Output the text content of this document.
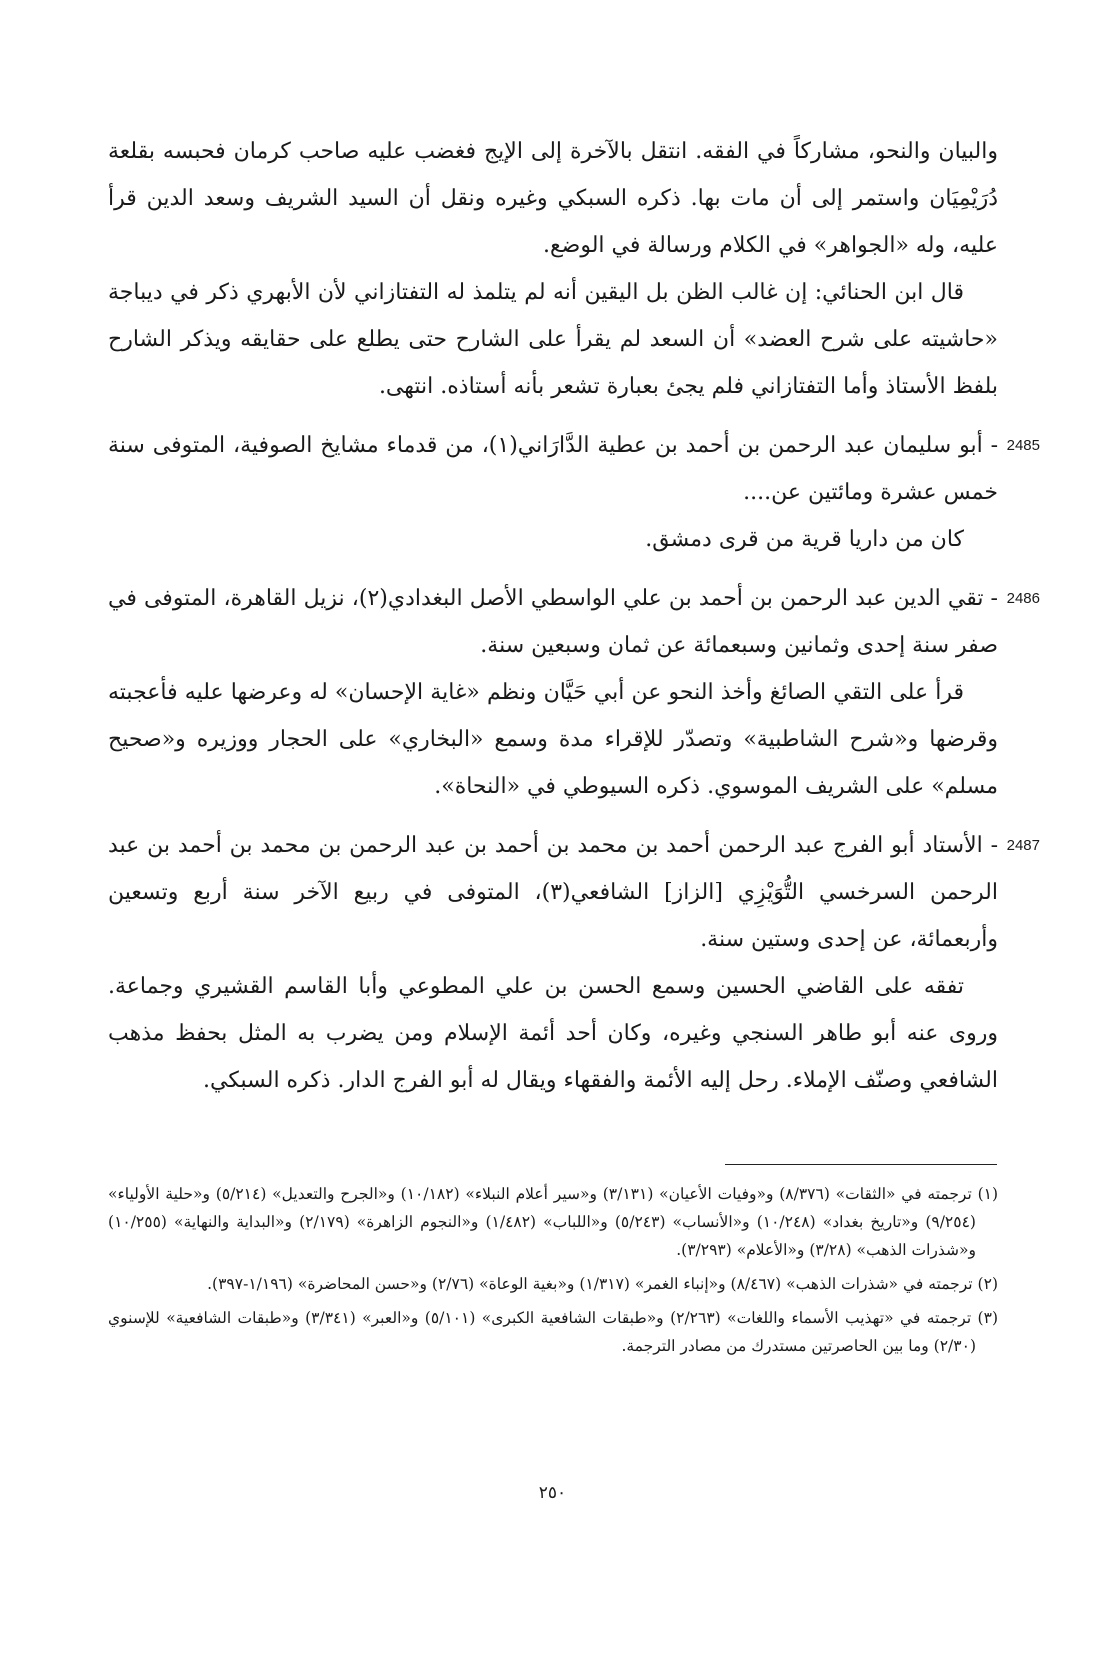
والبيان والنحو، مشاركاً في الفقه. انتقل بالآخرة إلى الإيج فغضب عليه صاحب كرمان فحبسه بقلعة دُرَيْمِيَان واستمر إلى أن مات بها. ذكره السبكي وغيره ونقل أن السيد الشريف وسعد الدين قرأ عليه، وله «الجواهر» في الكلام ورسالة في الوضع.

قال ابن الحنائي: إن غالب الظن بل اليقين أنه لم يتلمذ له التفتازاني لأن الأبهري ذكر في ديباجة «حاشيته على شرح العضد» أن السعد لم يقرأ على الشارح حتى يطلع على حقايقه ويذكر الشارح بلفظ الأستاذ وأما التفتازاني فلم يجئ بعبارة تشعر بأنه أستاذه. انتهى.

2485

- أبو سليمان عبد الرحمن بن أحمد بن عطية الدَّارَاني(١)، من قدماء مشايخ الصوفية، المتوفى سنة خمس عشرة ومائتين عن....

كان من داريا قرية من قرى دمشق.

2486

- تقي الدين عبد الرحمن بن أحمد بن علي الواسطي الأصل البغدادي(٢)، نزيل القاهرة، المتوفى في صفر سنة إحدى وثمانين وسبعمائة عن ثمان وسبعين سنة.

قرأ على التقي الصائغ وأخذ النحو عن أبي حَيَّان ونظم «غاية الإحسان» له وعرضها عليه فأعجبته وقرضها و«شرح الشاطبية» وتصدّر للإقراء مدة وسمع «البخاري» على الحجار ووزيره و«صحيح مسلم» على الشريف الموسوي. ذكره السيوطي في «النحاة».

2487

- الأستاد أبو الفرج عبد الرحمن أحمد بن محمد بن أحمد بن عبد الرحمن بن محمد بن أحمد بن عبد الرحمن السرخسي التُّوَيْزِي [الزاز] الشافعي(٣)، المتوفى في ربيع الآخر سنة أربع وتسعين وأربعمائة، عن إحدى وستين سنة.

تفقه على القاضي الحسين وسمع الحسن بن علي المطوعي وأبا القاسم القشيري وجماعة. وروى عنه أبو طاهر السنجي وغيره، وكان أحد أئمة الإسلام ومن يضرب به المثل بحفظ مذهب الشافعي وصنّف الإملاء. رحل إليه الأئمة والفقهاء ويقال له أبو الفرج الدار. ذكره السبكي.

(١) ترجمته في «الثقات» (٨/٣٧٦) و«وفيات الأعيان» (٣/١٣١) و«سير أعلام النبلاء» (١٠/١٨٢) و«الجرح والتعديل» (٥/٢١٤) و«حلية الأولياء» (٩/٢٥٤) و«تاريخ بغداد» (١٠/٢٤٨) و«الأنساب» (٥/٢٤٣) و«اللباب» (١/٤٨٢) و«النجوم الزاهرة» (٢/١٧٩) و«البداية والنهاية» (١٠/٢٥٥) و«شذرات الذهب» (٣/٢٨) و«الأعلام» (٣/٢٩٣).

(٢) ترجمته في «شذرات الذهب» (٨/٤٦٧) و«إنباء الغمر» (١/٣١٧) و«بغية الوعاة» (٢/٧٦) و«حسن المحاضرة» (١/١٩٦-٣٩٧).

(٣) ترجمته في «تهذيب الأسماء واللغات» (٢/٢٦٣) و«طبقات الشافعية الكبرى» (٥/١٠١) و«العبر» (٣/٣٤١) و«طبقات الشافعية» للإسنوي (٢/٣٠) وما بين الحاصرتين مستدرك من مصادر الترجمة.

٢٥٠
